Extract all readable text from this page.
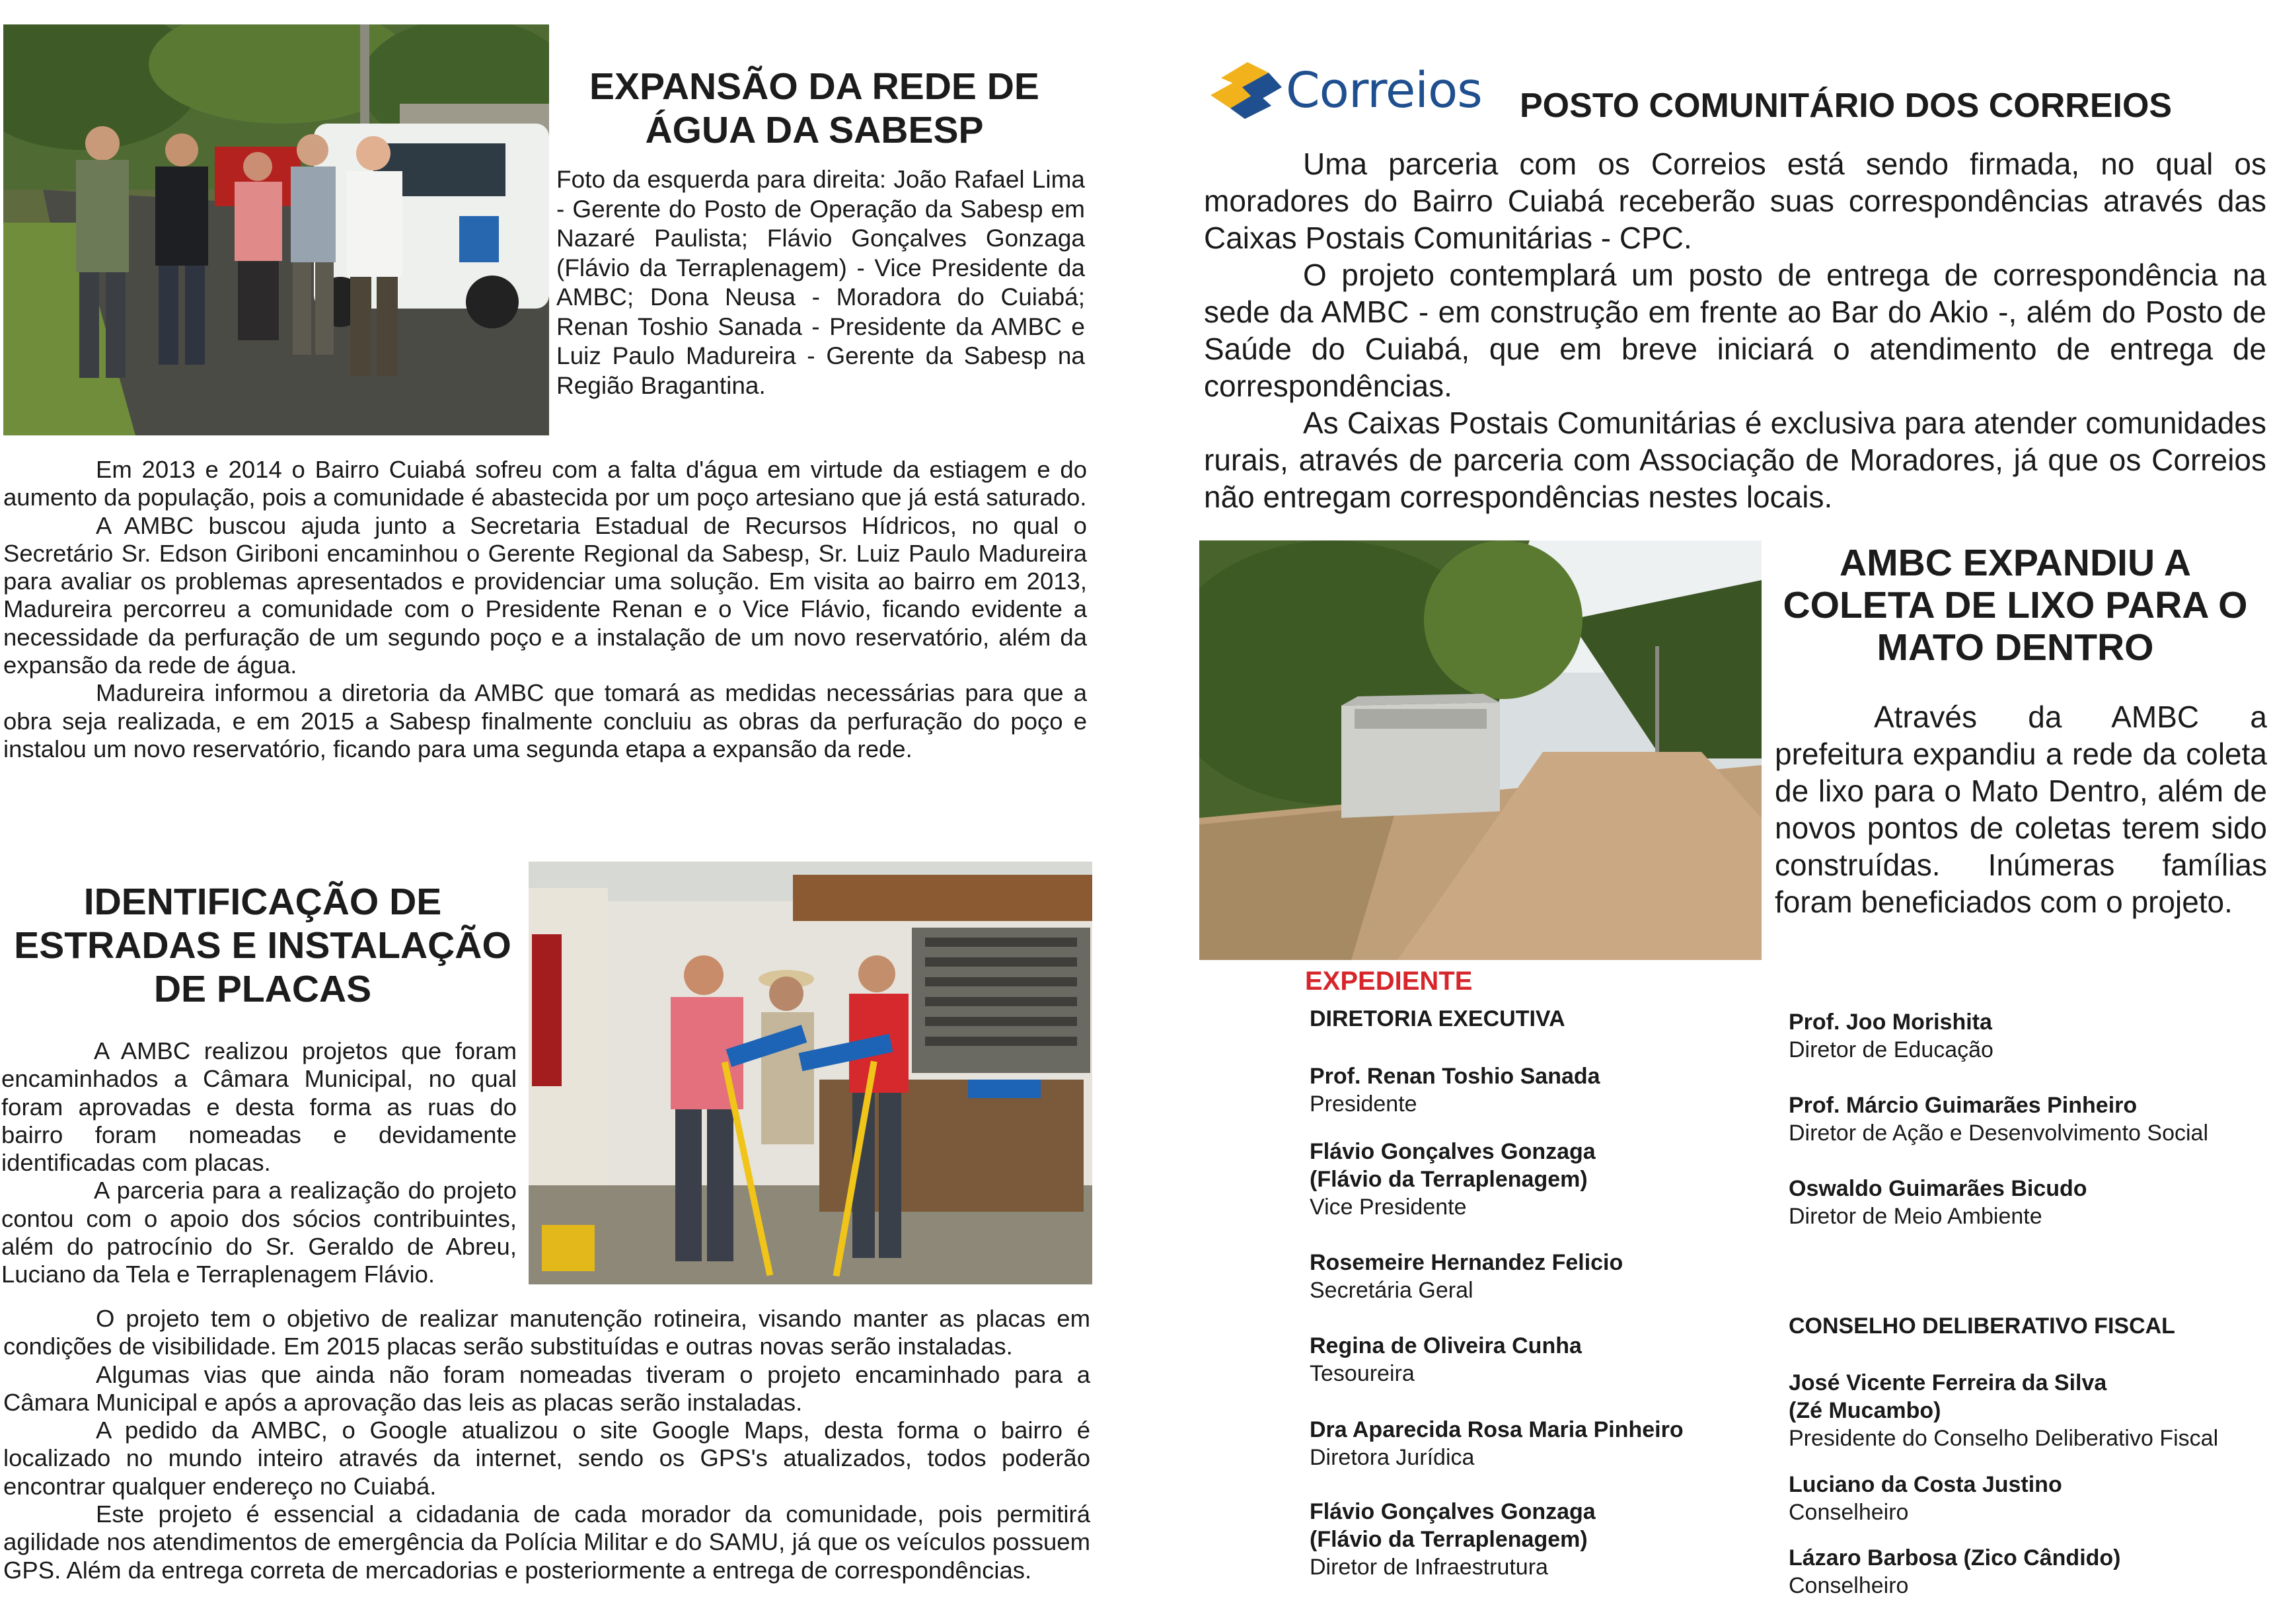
EXPANSÃO DA REDE DE
ÁGUA DA SABESP
Foto da esquerda para direita: João Rafael Lima - Gerente do Posto de Operação da Sabesp em Nazaré Paulista; Flávio Gonçalves Gonzaga (Flávio da Terraplenagem) - Vice Presidente da AMBC; Dona Neusa - Moradora do Cuiabá; Renan Toshio Sanada - Presidente da AMBC e Luiz Paulo Madureira - Gerente da Sabesp na Região Bragantina.

Em 2013 e 2014 o Bairro Cuiabá sofreu com a falta d'água em virtude da estiagem e do aumento da população, pois a comunidade é abastecida por um poço artesiano que já está saturado.

A AMBC buscou ajuda junto a Secretaria Estadual de Recursos Hídricos, no qual o Secretário Sr. Edson Giriboni encaminhou o Gerente Regional da Sabesp, Sr. Luiz Paulo Madureira para avaliar os problemas apresentados e providenciar uma solução. Em visita ao bairro em 2013, Madureira percorreu a comunidade com o Presidente Renan e o Vice Flávio, ficando evidente a necessidade da perfuração de um segundo poço e a instalação de um novo reservatório, além da expansão da rede de água.

Madureira informou a diretoria da AMBC que tomará as medidas necessárias para que a obra seja realizada, e em 2015 a Sabesp finalmente concluiu as obras da perfuração do poço e instalou um novo reservatório, ficando para uma segunda etapa a expansão da rede.

IDENTIFICAÇÃO DE
ESTRADAS E INSTALAÇÃO
DE PLACAS

A AMBC realizou projetos que foram encaminhados a Câmara Municipal, no qual foram aprovadas e desta forma as ruas do bairro foram nomeadas e devidamente identificadas com placas.

A parceria para a realização do projeto contou com o apoio dos sócios contribuintes, além do patrocínio do Sr. Geraldo de Abreu, Luciano da Tela e Terraplenagem Flávio.

O projeto tem o objetivo de realizar manutenção rotineira, visando manter as placas em condições de visibilidade. Em 2015 placas serão substituídas e outras novas serão instaladas.

Algumas vias que ainda não foram nomeadas tiveram o projeto encaminhado para a Câmara Municipal e após a aprovação das leis as placas serão instaladas.

A pedido da AMBC, o Google atualizou o site Google Maps, desta forma o bairro é localizado no mundo inteiro através da internet, sendo os GPS's atualizados, todos poderão encontrar qualquer endereço no Cuiabá.

Este projeto é essencial a cidadania de cada morador da comunidade, pois permitirá agilidade nos atendimentos de emergência da Polícia Militar e do SAMU, já que os veículos possuem GPS. Além da entrega correta de mercadorias e posteriormente a entrega de correspondências.

Correios POSTO COMUNITÁRIO DOS CORREIOS

Uma parceria com os Correios está sendo firmada, no qual os moradores do Bairro Cuiabá receberão suas correspondências através das Caixas Postais Comunitárias - CPC.

O projeto contemplará um posto de entrega de correspondência na sede da AMBC - em construção em frente ao Bar do Akio -, além do Posto de Saúde do Cuiabá, que em breve iniciará o atendimento de entrega de correspondências.

As Caixas Postais Comunitárias é exclusiva para atender comunidades rurais, através de parceria com Associação de Moradores, já que os Correios não entregam correspondências nestes locais.

AMBC EXPANDIU A
COLETA DE LIXO PARA O
MATO DENTRO

Através da AMBC a prefeitura expandiu a rede da coleta de lixo para o Mato Dentro, além de novos pontos de coletas terem sido construídas. Inúmeras famílias foram beneficiados com o projeto.

EXPEDIENTE
DIRETORIA EXECUTIVA
Prof. Renan Toshio Sanada
Presidente
Flávio Gonçalves Gonzaga
(Flávio da Terraplenagem)
Vice Presidente
Rosemeire Hernandez Felicio
Secretária Geral
Regina de Oliveira Cunha
Tesoureira
Dra Aparecida Rosa Maria Pinheiro
Diretora Jurídica
Flávio Gonçalves Gonzaga
(Flávio da Terraplenagem)
Diretor de Infraestrutura
Prof. Joo Morishita
Diretor de Educação
Prof. Márcio Guimarães Pinheiro
Diretor de Ação e Desenvolvimento Social
Oswaldo Guimarães Bicudo
Diretor de Meio Ambiente
CONSELHO DELIBERATIVO FISCAL
José Vicente Ferreira da Silva
(Zé Mucambo)
Presidente do Conselho Deliberativo Fiscal
Luciano da Costa Justino
Conselheiro
Lázaro Barbosa (Zico Cândido)
Conselheiro
